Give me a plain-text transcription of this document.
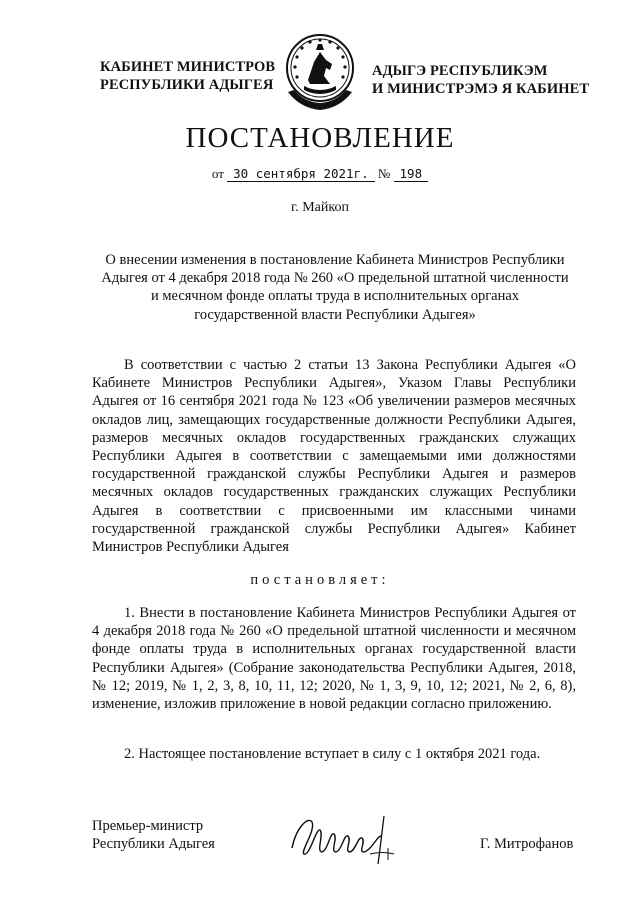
КАБИНЕТ МИНИСТРОВ
РЕСПУБЛИКИ АДЫГЕЯ
АДЫГЭ РЕСПУБЛИКЭМ
И МИНИСТРЭМЭ Я КАБИНЕТ
ПОСТАНОВЛЕНИЕ
от 30 сентября 2021г. № 198
г. Майкоп
О внесении изменения в постановление Кабинета Министров Республики Адыгея от 4 декабря 2018 года № 260 «О предельной штатной численности и месячном фонде оплаты труда в исполнительных органах государственной власти Республики Адыгея»
В соответствии с частью 2 статьи 13 Закона Республики Адыгея «О Кабинете Министров Республики Адыгея», Указом Главы Республики Адыгея от 16 сентября 2021 года № 123 «Об увеличении размеров месячных окладов лиц, замещающих государственные должности Республики Адыгея, размеров месячных окладов государственных гражданских служащих Республики Адыгея в соответствии с замещаемыми ими должностями государственной гражданской службы Республики Адыгея и размеров месячных окладов государственных гражданских служащих Республики Адыгея в соответствии с присвоенными им классными чинами государственной гражданской службы Республики Адыгея» Кабинет Министров Республики Адыгея
постановляет:
1. Внести в постановление Кабинета Министров Республики Адыгея от 4 декабря 2018 года № 260 «О предельной штатной численности и месячном фонде оплаты труда в исполнительных органах государственной власти Республики Адыгея» (Собрание законодательства Республики Адыгея, 2018, № 12; 2019, № 1, 2, 3, 8, 10, 11, 12; 2020, № 1, 3, 9, 10, 12; 2021, № 2, 6, 8), изменение, изложив приложение в новой редакции согласно приложению.
2. Настоящее постановление вступает в силу с 1 октября 2021 года.
Премьер-министр
Республики Адыгея	Г. Митрофанов
